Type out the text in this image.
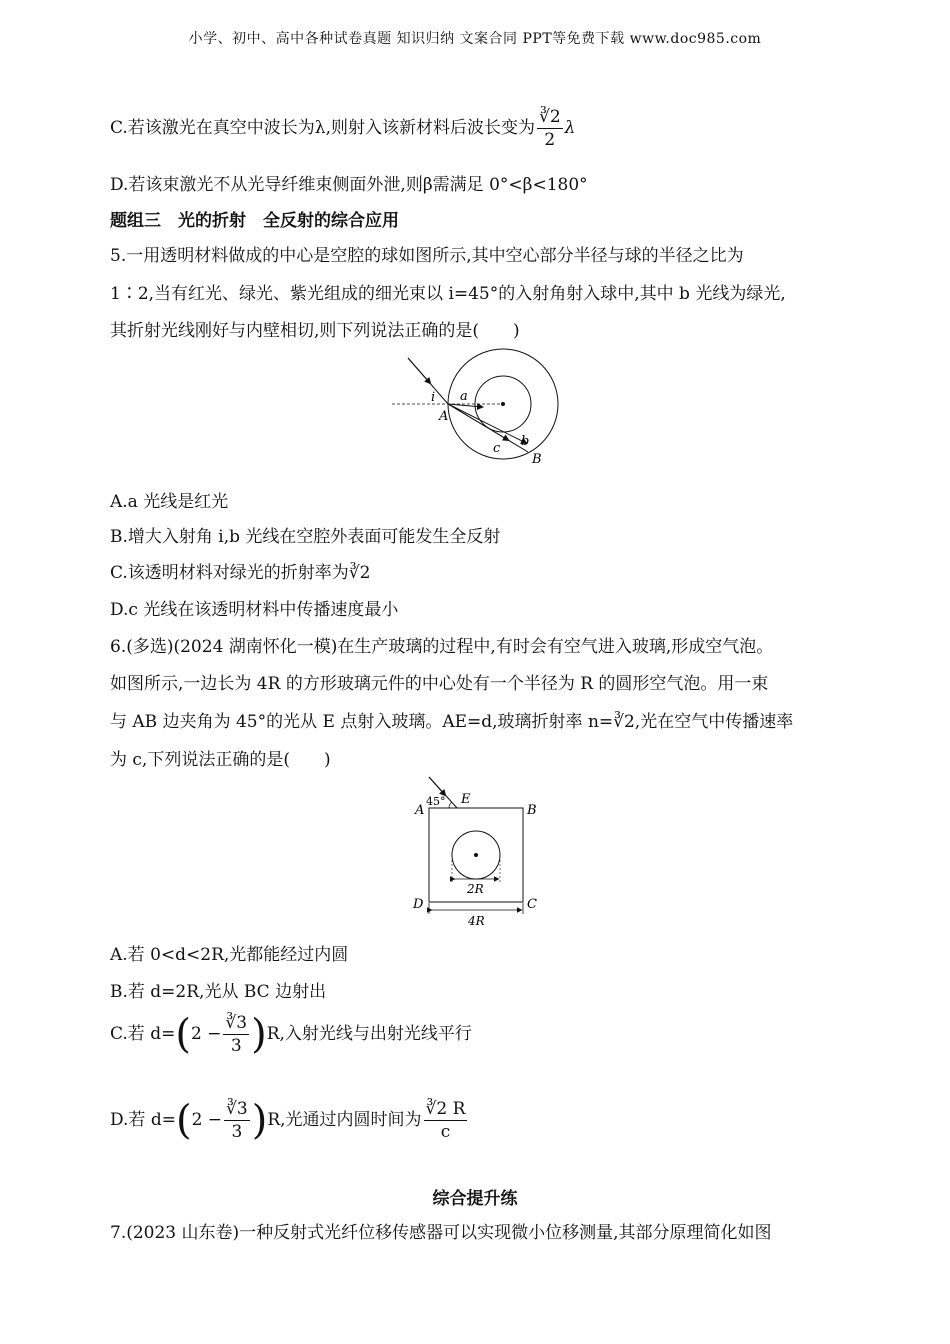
小学、初中、高中各种试卷真题 知识归纳 文案合同 PPT等免费下载 www.doc985.com
C.若该激光在真空中波长为λ,则射入该新材料后波长变为 $\frac{∛2}{2}$ λ
D.若该束激光不从光导纤维束侧面外泄,则β需满足 0°<β<180°
题组三　光的折射　全反射的综合应用
5.一用透明材料做成的中心是空腔的球如图所示,其中空心部分半径与球的半径之比为
1∶2,当有红光、绿光、紫光组成的细光束以 i=45°的入射角射入球中,其中 b 光线为绿光,
其折射光线刚好与内壁相切,则下列说法正确的是(　　)
i a
A
b
c
B
A.a 光线是红光
B.增大入射角 i,b 光线在空腔外表面可能发生全反射
C.该透明材料对绿光的折射率为∛2
D.c 光线在该透明材料中传播速度最小
6.(多选)(2024 湖南怀化一模)在生产玻璃的过程中,有时会有空气进入玻璃,形成空气泡。
如图所示,一边长为 4R 的方形玻璃元件的中心处有一个半径为 R 的圆形空气泡。用一束
与 AB 边夹角为 45°的光从 E 点射入玻璃。AE=d,玻璃折射率 n=∛2,光在空气中传播速率
为 c,下列说法正确的是(　　)
45° E
A	B
C
D
2R
4R
A.若 0<d<2R,光都能经过内圆
B.若 d=2R,光从 BC 边射出
C.若 $d=(2 - \frac{∛3}{3} )R$,入射光线与出射光线平行
D.若 $d=(2 - \frac{∛3}{3} )R$,光通过内圆时间为 $\frac{∛2 R}{c}$
综合提升练
7.(2023 山东卷)一种反射式光纤位移传感器可以实现微小位移测量,其部分原理简化如图
